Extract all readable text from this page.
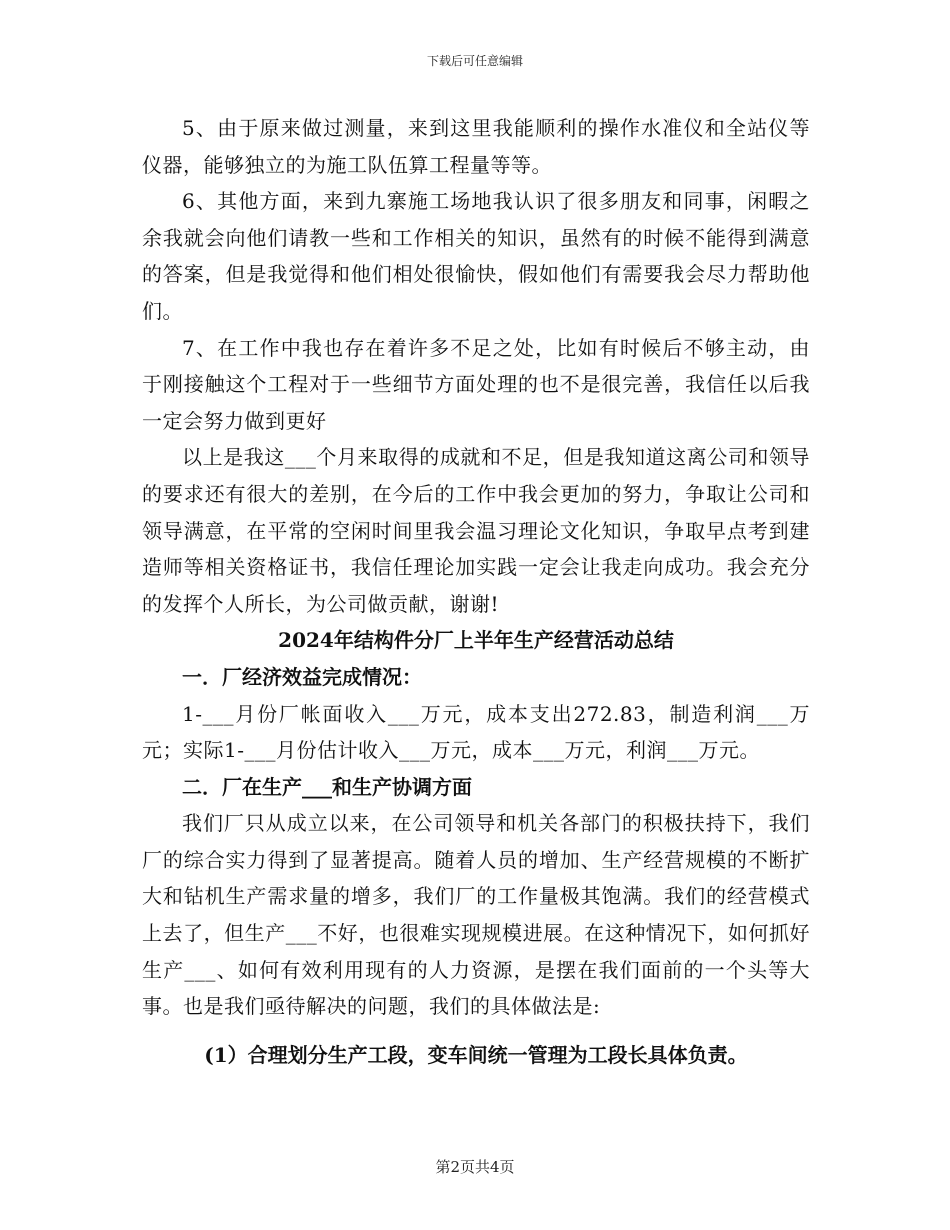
下载后可任意编辑

5、由于原来做过测量，来到这里我能顺利的操作水准仪和全站仪等仪器，能够独立的为施工队伍算工程量等等。

6、其他方面，来到九寨施工场地我认识了很多朋友和同事，闲暇之余我就会向他们请教一些和工作相关的知识，虽然有的时候不能得到满意的答案，但是我觉得和他们相处很愉快，假如他们有需要我会尽力帮助他们。

7、在工作中我也存在着许多不足之处，比如有时候后不够主动，由于刚接触这个工程对于一些细节方面处理的也不是很完善，我信任以后我一定会努力做到更好

以上是我这___个月来取得的成就和不足，但是我知道这离公司和领导的要求还有很大的差别，在今后的工作中我会更加的努力，争取让公司和领导满意，在平常的空闲时间里我会温习理论文化知识，争取早点考到建造师等相关资格证书，我信任理论加实践一定会让我走向成功。我会充分的发挥个人所长，为公司做贡献，谢谢!

2024年结构件分厂上半年生产经营活动总结

一．厂经济效益完成情况：

1-___月份厂帐面收入___万元，成本支出272.83，制造利润___万元；实际1-___月份估计收入___万元，成本___万元，利润___万元。

二．厂在生产___和生产协调方面

我们厂只从成立以来，在公司领导和机关各部门的积极扶持下，我们厂的综合实力得到了显著提高。随着人员的增加、生产经营规模的不断扩大和钻机生产需求量的增多，我们厂的工作量极其饱满。我们的经营模式上去了，但生产___不好，也很难实现规模进展。在这种情况下，如何抓好生产___、如何有效利用现有的人力资源，是摆在我们面前的一个头等大事。也是我们亟待解决的问题，我们的具体做法是:

(1）合理划分生产工段，变车间统一管理为工段长具体负责。

第2页共4页
